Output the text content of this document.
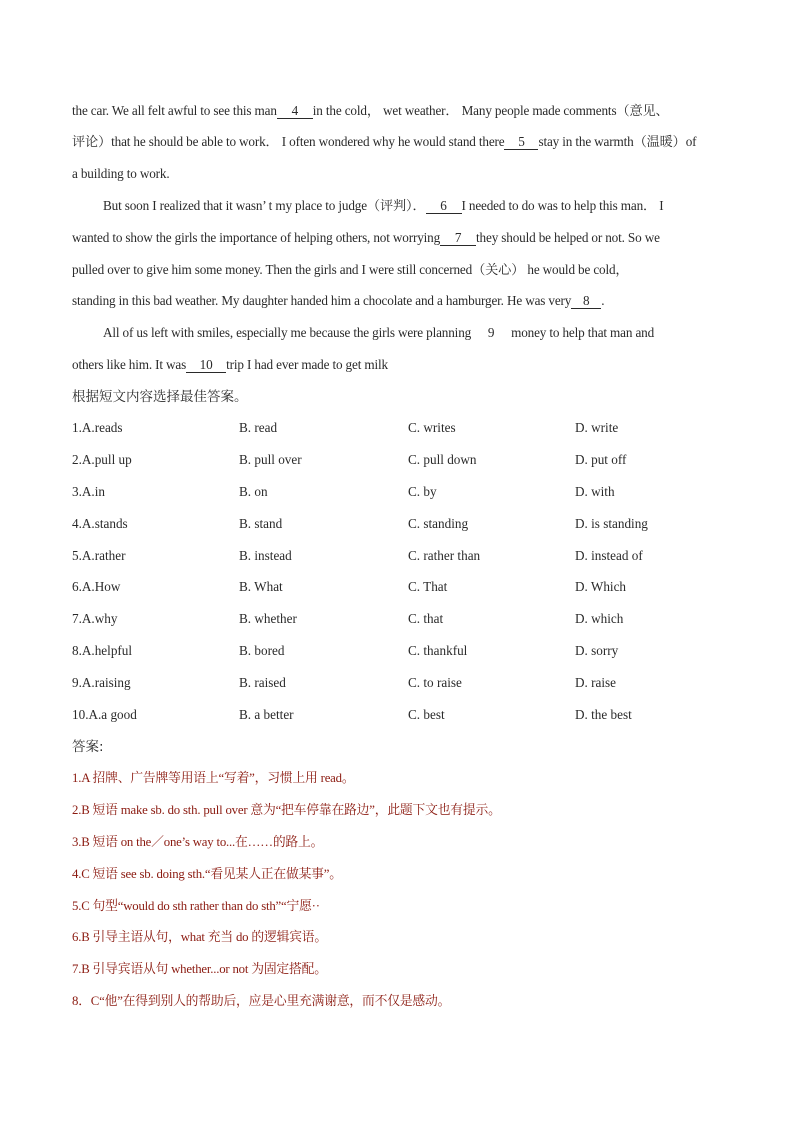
the car. We all felt awful to see this man 4 in the cold， wet weather． Many people made comments（意见、
评论）that he should be able to work． I often wondered why he would stand there 5 stay in the warmth（温暖）of
a building to work.
But soon I realized that it wasn’ t my place to judge（评判）． 6 I needed to do was to help this man． I
wanted to show the girls the importance of helping others, not worrying 7 they should be helped or not. So we
pulled over to give him some money. Then the girls and I were still concerned（关心） he would be cold，
standing in this bad weather. My daughter handed him a chocolate and a hamburger. He was very 8 .
All of us left with smiles, especially me because the girls were planning 9 money to help that man and
others like him. It was 10 trip I had ever made to get milk
根据短文内容选择最佳答案。
1.A.reads	B. read	C. writes	D. write
2.A.pull up	B. pull over	C. pull down	D. put off
3.A.in	B. on	C. by	D. with
4.A.stands	B. stand	C. standing	D. is standing
5.A.rather	B. instead	C. rather than	D. instead of
6.A.How	B. What	C. That	D. Which
7.A.why	B. whether	C. that	D. which
8.A.helpful	B. bored	C. thankful	D. sorry
9.A.raising	B. raised	C. to raise	D. raise
10.A.a good	B. a better	C. best	D. the best
答案:
1.A 招牌、广告牌等用语上“写着”，习惯上用 read。
2.B 短语 make sb. do sth. pull over 意为“把车停靠在路边”，此题下文也有提示。
3.B 短语 on the／one’s way to...在……的路上。
4.C 短语 see sb. doing sth.“看见某人正在做某事”。
5.C 句型“would do sth rather than do sth”“宁愿··
6.B 引导主语从句，what 充当 do 的逻辑宾语。
7.B 引导宾语从句 whether...or not 为固定搭配。
8．C“他”在得到别人的帮助后，应是心里充满谢意，而不仅是感动。
